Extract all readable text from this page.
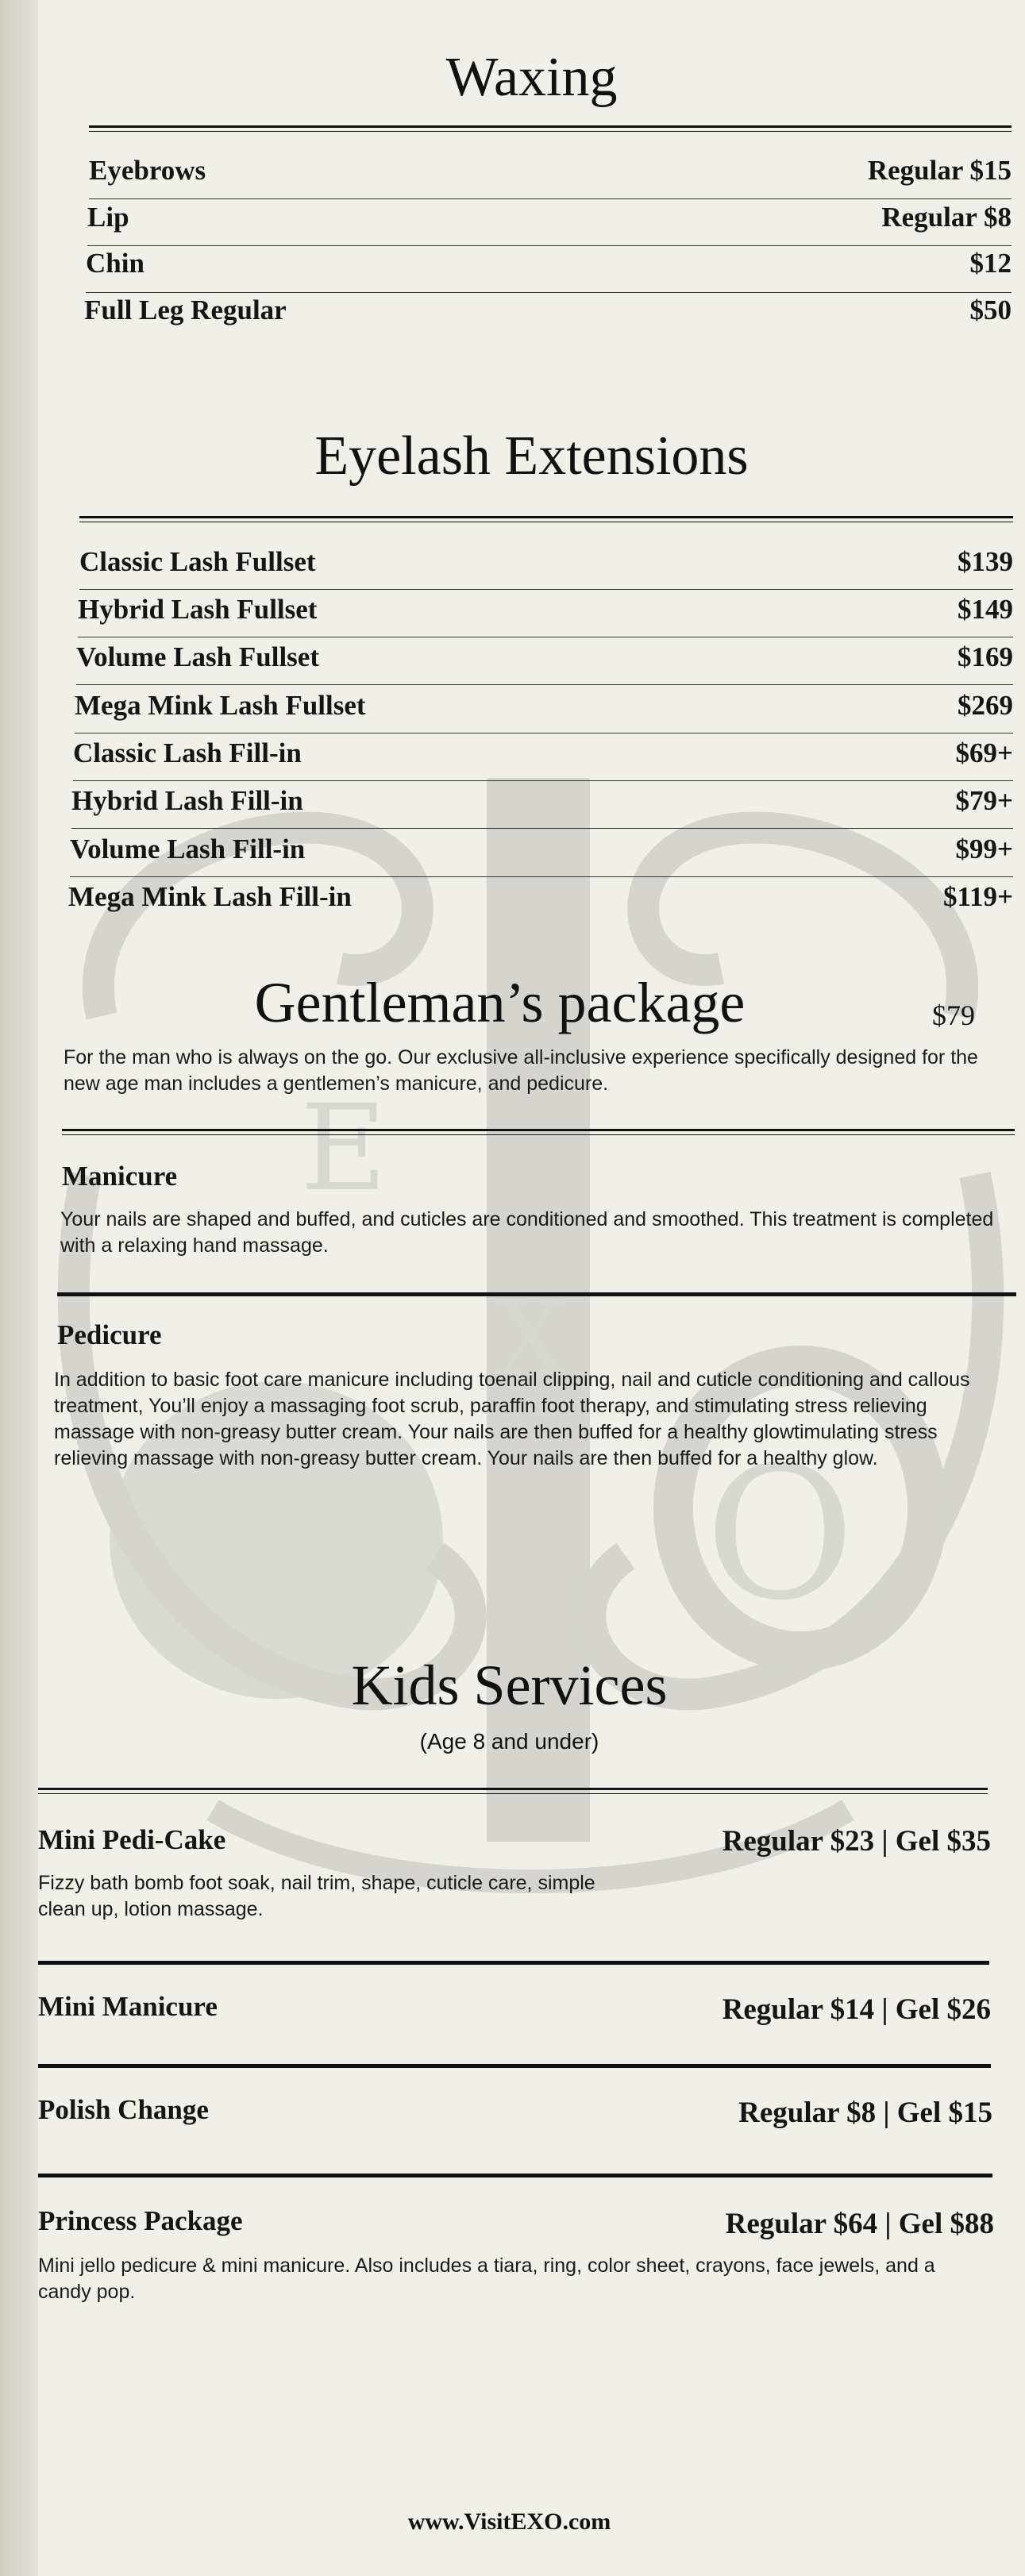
E
X
O
Waxing
Eyebrows	Regular $15
Lip	Regular $8
Chin	$12
Full Leg Regular	$50
Eyelash Extensions
Classic Lash Fullset	$139
Hybrid Lash Fullset	$149
Volume Lash Fullset	$169
Mega Mink Lash Fullset	$269
Classic Lash Fill-in	$69+
Hybrid Lash Fill-in	$79+
Volume Lash Fill-in	$99+
Mega Mink Lash Fill-in	$119+
Gentleman’s package	$79
For the man who is always on the go. Our exclusive all-inclusive experience specifically designed for the new age man includes a gentlemen’s manicure, and pedicure.
Manicure
Your nails are shaped and buffed, and cuticles are conditioned and smoothed. This treatment is completed with a relaxing hand massage.
Pedicure
In addition to basic foot care manicure including toenail clipping, nail and cuticle conditioning and callous treatment, You’ll enjoy a massaging foot scrub, paraffin foot therapy, and stimulating stress relieving massage with non-greasy butter cream. Your nails are then buffed for a healthy glowtimulating stress relieving massage with non-greasy butter cream. Your nails are then buffed for a healthy glow.
Kids Services
(Age 8 and under)
Mini Pedi-Cake	Regular $23 | Gel $35
Fizzy bath bomb foot soak, nail trim, shape, cuticle care, simple clean up, lotion massage.
Mini Manicure	Regular $14 | Gel $26
Polish Change	Regular $8 | Gel $15
Princess Package	Regular $64 | Gel $88
Mini jello pedicure & mini manicure. Also includes a tiara, ring, color sheet, crayons, face jewels, and a candy pop.
www.VisitEXO.com
